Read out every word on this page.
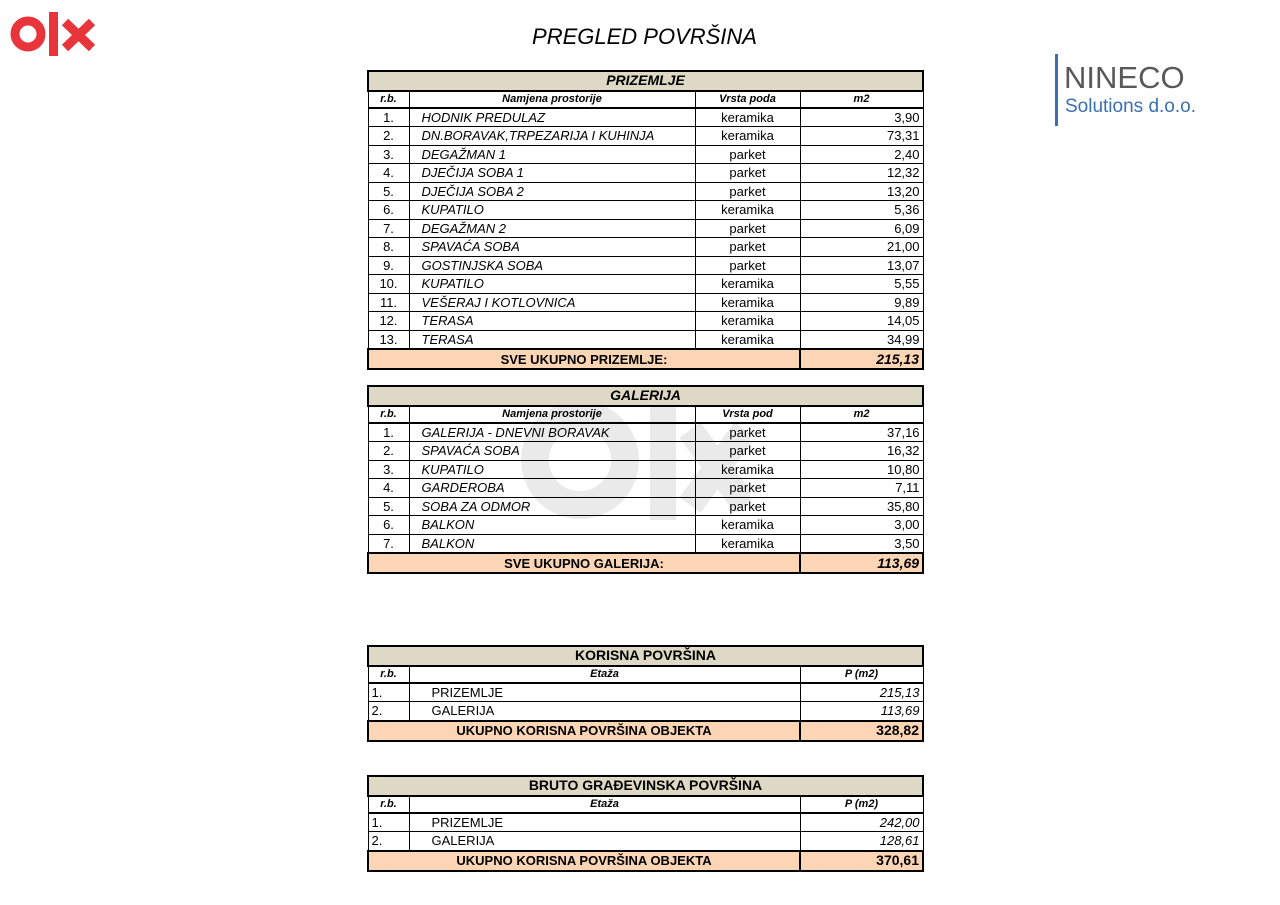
NINECO
Solutions d.o.o.
PREGLED POVRŠINA
PRIZEMLJE			
r.b.	Namjena prostorije	Vrsta poda	m2
1.	HODNIK PREDULAZ	keramika	3,90
2.	DN.BORAVAK,TRPEZARIJA I KUHINJA	keramika	73,31
3.	DEGAŽMAN 1	parket	2,40
4.	DJEČIJA SOBA 1	parket	12,32
5.	DJEČIJA SOBA 2	parket	13,20
6.	KUPATILO	keramika	5,36
7.	DEGAŽMAN 2	parket	6,09
8.	SPAVAĆA SOBA	parket	21,00
9.	GOSTINJSKA SOBA	parket	13,07
10.	KUPATILO	keramika	5,55
11.	VEŠERAJ I KOTLOVNICA	keramika	9,89
12.	TERASA	keramika	14,05
13.	TERASA	keramika	34,99
SVE UKUPNO PRIZEMLJE:			215,13
GALERIJA			
r.b.	Namjena prostorije	Vrsta pod	m2
1.	GALERIJA - DNEVNI BORAVAK	parket	37,16
2.	SPAVAĆA SOBA	parket	16,32
3.	KUPATILO	keramika	10,80
4.	GARDEROBA	parket	7,11
5.	SOBA ZA ODMOR	parket	35,80
6.	BALKON	keramika	3,00
7.	BALKON	keramika	3,50
SVE UKUPNO GALERIJA:			113,69
KORISNA POVRŠINA		
r.b.	Etaža	P (m2)
1.	PRIZEMLJE	215,13
2.	GALERIJA	113,69
UKUPNO KORISNA POVRŠINA OBJEKTA		328,82
BRUTO GRAĐEVINSKA POVRŠINA		
r.b.	Etaža	P (m2)
1.	PRIZEMLJE	242,00
2.	GALERIJA	128,61
UKUPNO KORISNA POVRŠINA OBJEKTA		370,61
